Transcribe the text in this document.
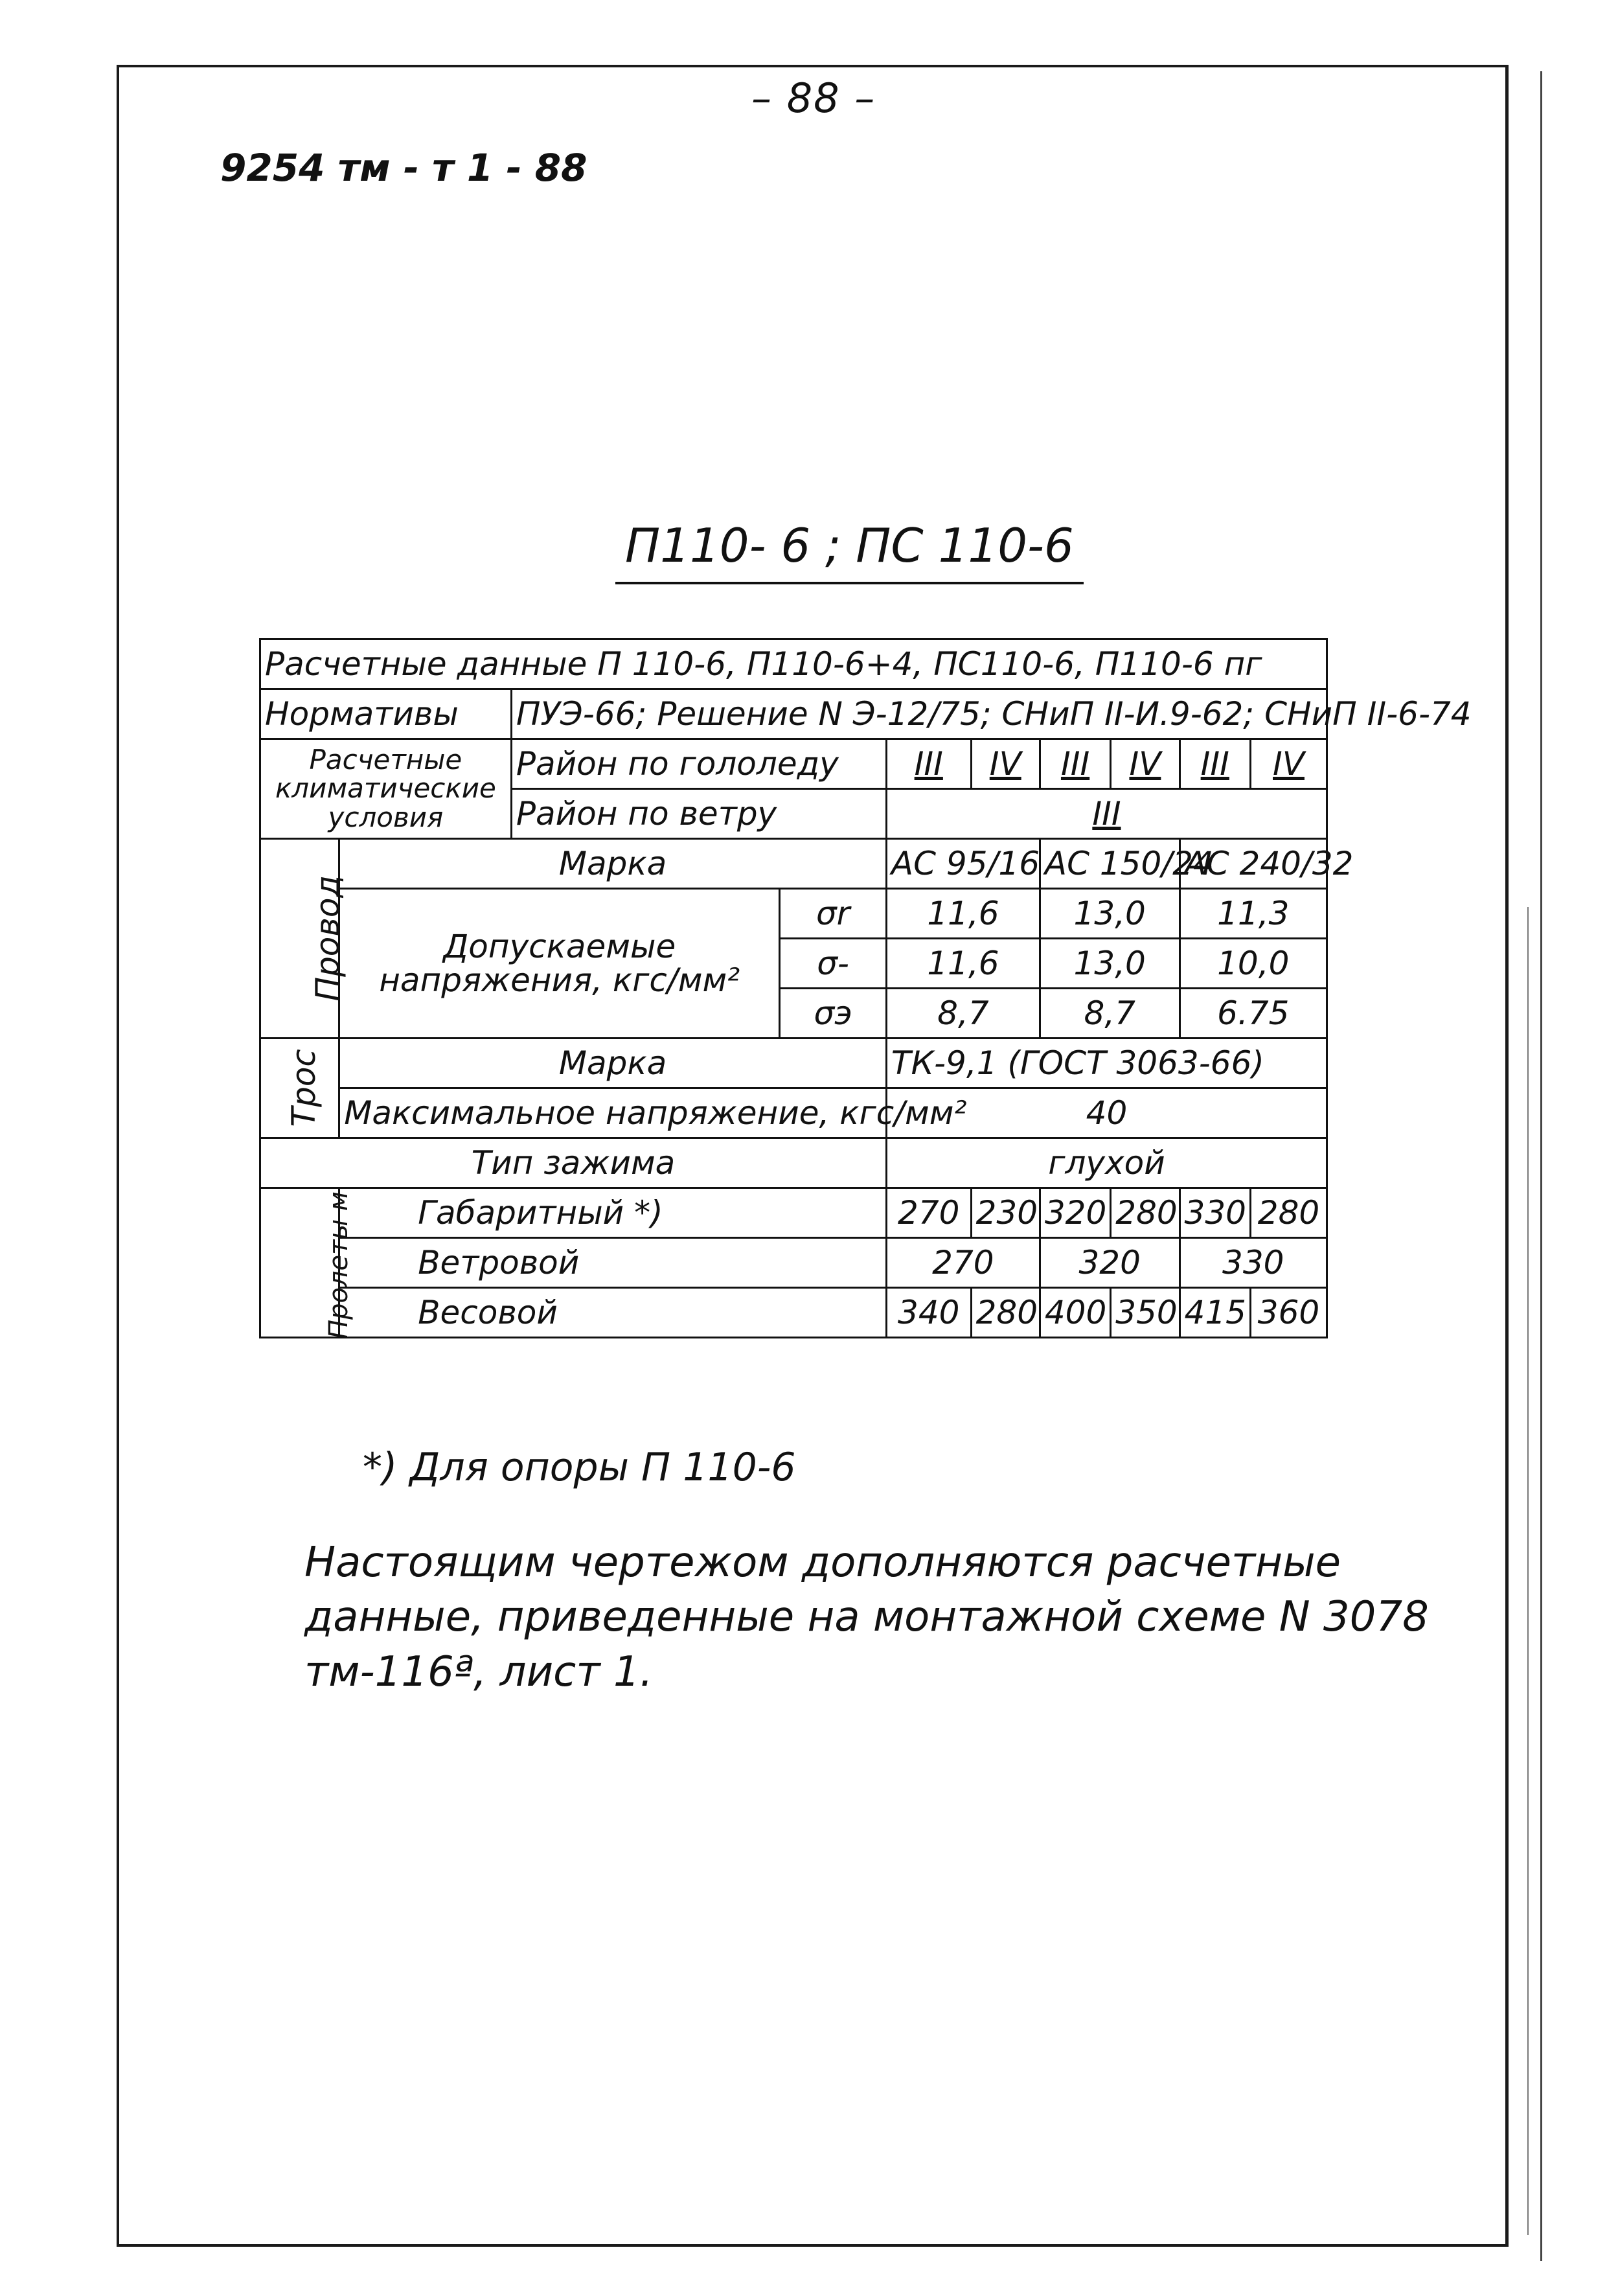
– 88 –
9254 тм - т 1 - 88
П110- 6 ; ПС 110-6
Расчетные данные П 110-6, П110-6+4, ПС110-6, П110-6 пг									
Нормативы		ПУЭ-66; Решение N Э-12/75; СНиП II-И.9-62; СНиП II-6-74							
Расчетные климатические условия		Район по гололеду		III	IV	III	IV	III	IV
		Район по ветру		III					
Провод	Марка			АС 95/16		АС 150/24		АС 240/32	
	Допускаемые напряжения, кгс/мм²		σr	11,6		13,0		11,3	
			σ-	11,6		13,0		10,0	
			σэ	8,7		8,7		6.75	
Трос	Марка			ТК-9,1 (ГОСТ 3063-66)					
	Максимальное напряжение, кгс/мм²			40					
Тип зажима				глухой					
Пролеты м	Габаритный *)			270	230	320	280	330	280
	Ветровой			270		320		330	
	Весовой			340	280	400	350	415	360
*) Для опоры П 110-6
Настоящим чертежом дополняются расчетные данные, приведенные на монтажной схеме N 3078 тм-116ª, лист 1.
